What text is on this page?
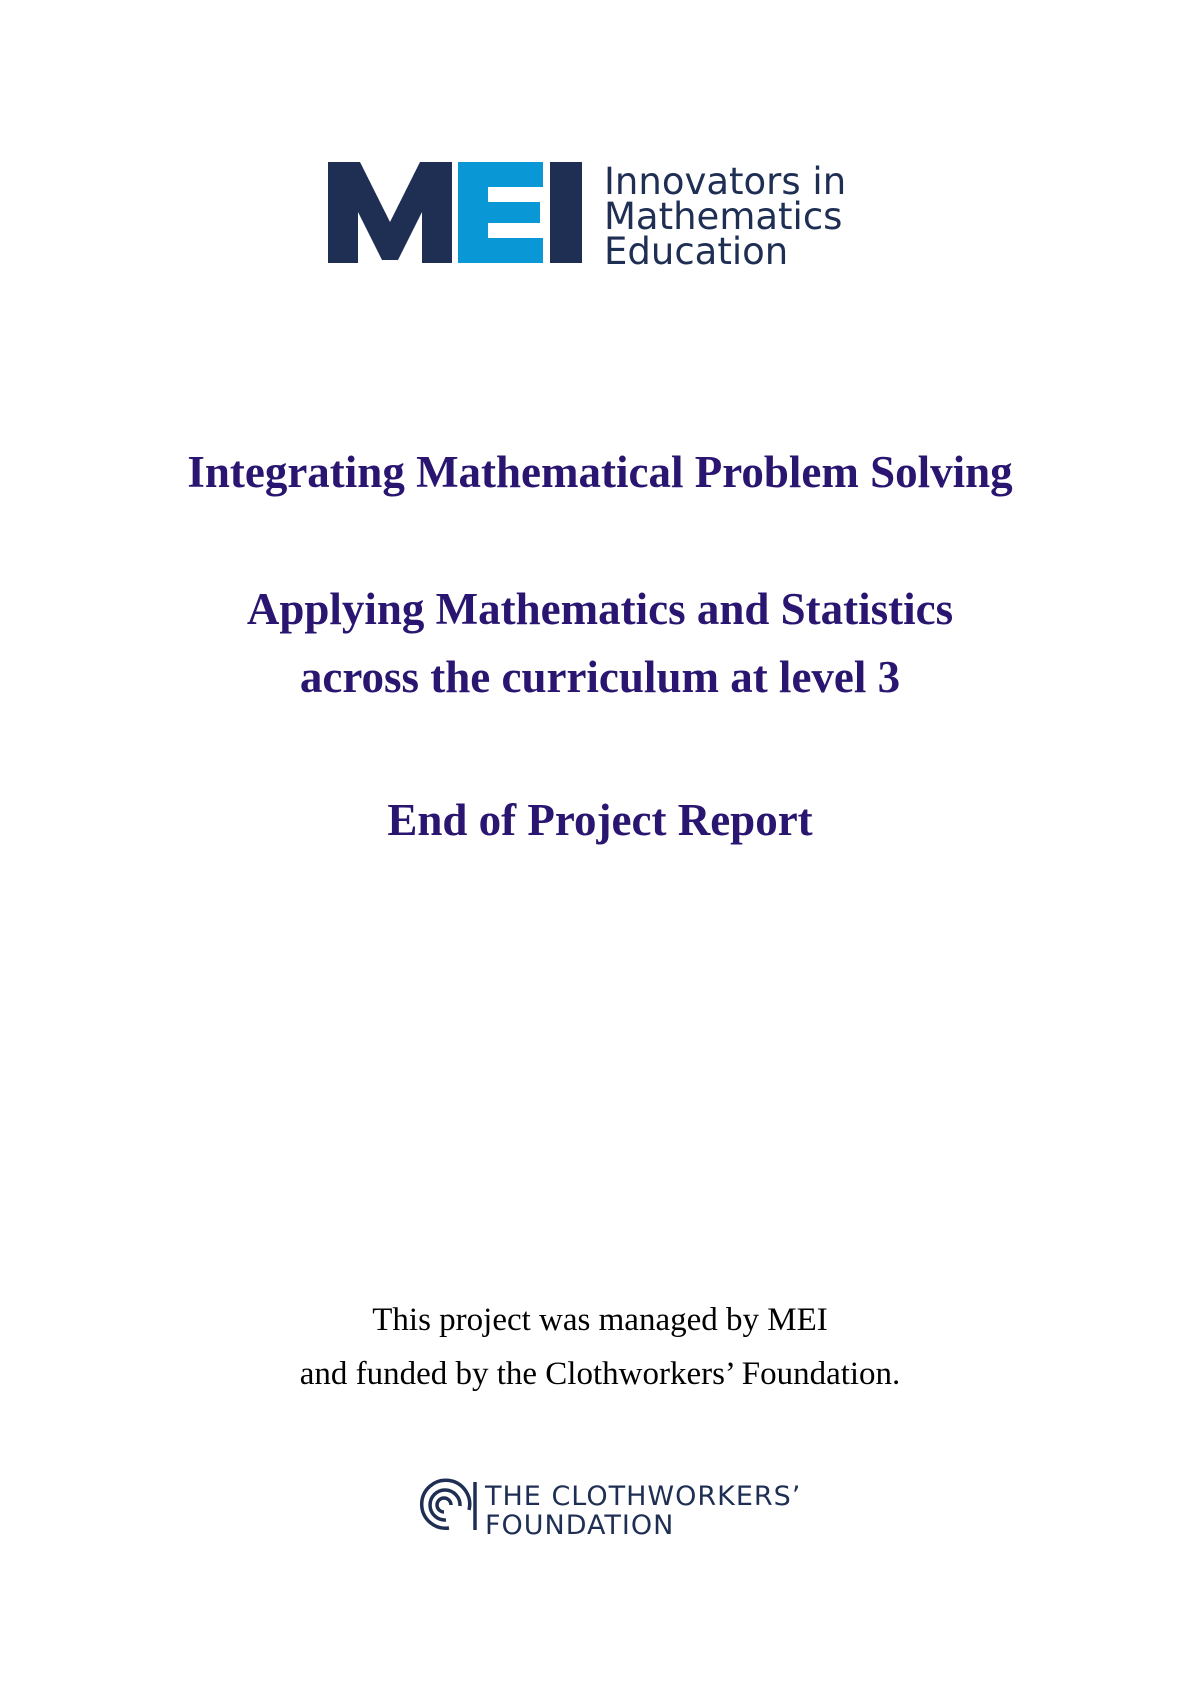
Innovators in
Mathematics
Education

Integrating Mathematical Problem Solving

Applying Mathematics and Statistics

across the curriculum at level 3

End of Project Report

This project was managed by MEI

and funded by the Clothworkers’ Foundation.

THE CLOTHWORKERS’
FOUNDATION
